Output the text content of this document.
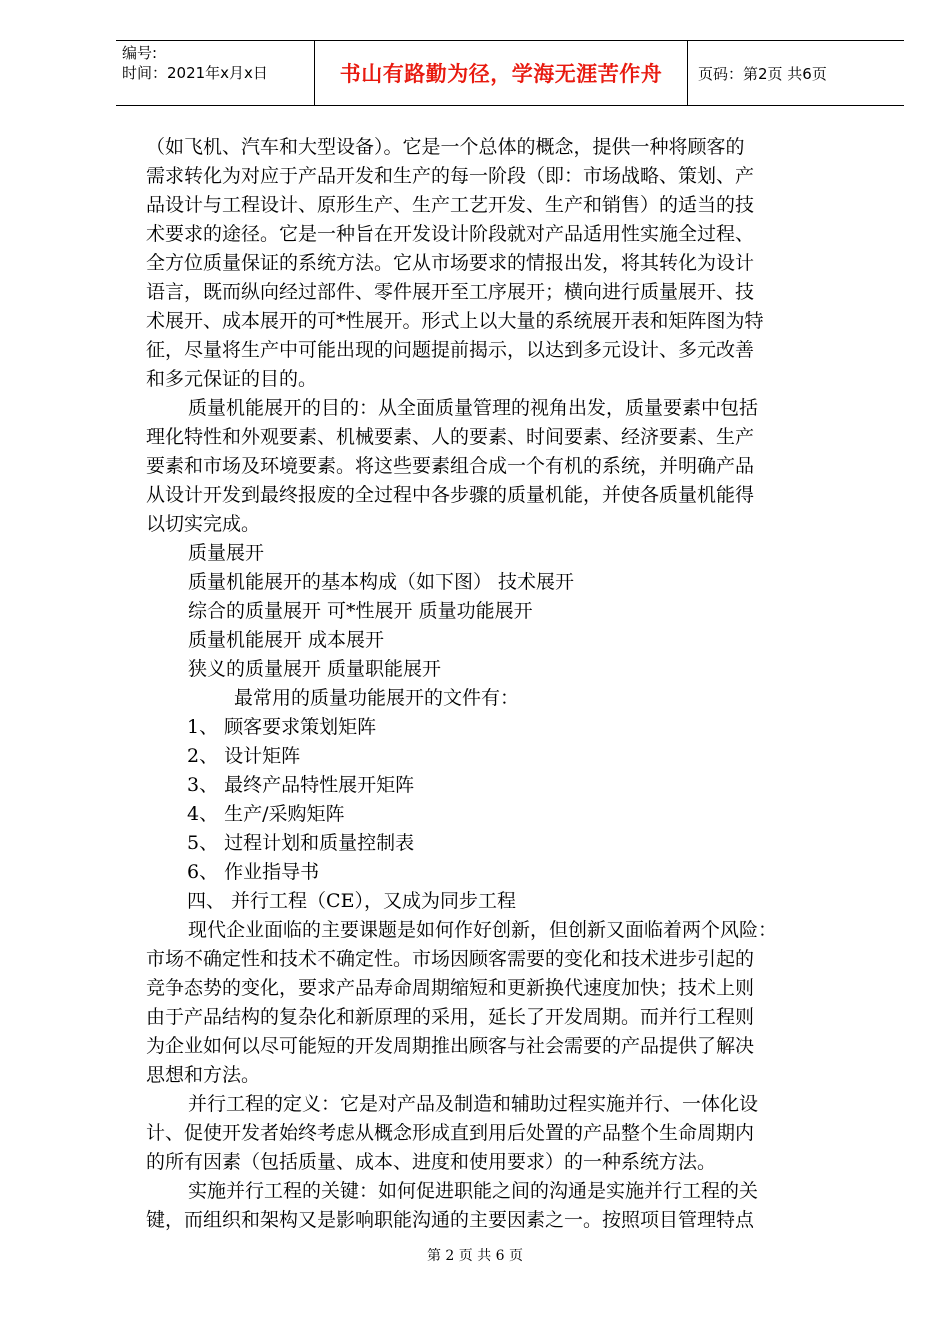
编号:
时间：2021年x月x日	书山有路勤为径，学海无涯苦作舟	页码：第2页 共6页

（如飞机、汽车和大型设备）。它是一个总体的概念，提供一种将顾客的

需求转化为对应于产品开发和生产的每一阶段（即：市场战略、策划、产

品设计与工程设计、原形生产、生产工艺开发、生产和销售）的适当的技

术要求的途径。它是一种旨在开发设计阶段就对产品适用性实施全过程、

全方位质量保证的系统方法。它从市场要求的情报出发，将其转化为设计

语言，既而纵向经过部件、零件展开至工序展开；横向进行质量展开、技

术展开、成本展开的可*性展开。形式上以大量的系统展开表和矩阵图为特

征，尽量将生产中可能出现的问题提前揭示，以达到多元设计、多元改善

和多元保证的目的。

质量机能展开的目的：从全面质量管理的视角出发，质量要素中包括

理化特性和外观要素、机械要素、人的要素、时间要素、经济要素、生产

要素和市场及环境要素。将这些要素组合成一个有机的系统，并明确产品

从设计开发到最终报废的全过程中各步骤的质量机能，并使各质量机能得

以切实完成。

质量展开

质量机能展开的基本构成（如下图） 技术展开

综合的质量展开 可*性展开 质量功能展开

质量机能展开 成本展开

狭义的质量展开 质量职能展开

最常用的质量功能展开的文件有：

1、 顾客要求策划矩阵

2、 设计矩阵

3、 最终产品特性展开矩阵

4、 生产/采购矩阵

5、 过程计划和质量控制表

6、 作业指导书

四、 并行工程（CE），又成为同步工程

现代企业面临的主要课题是如何作好创新，但创新又面临着两个风险：

市场不确定性和技术不确定性。市场因顾客需要的变化和技术进步引起的

竞争态势的变化，要求产品寿命周期缩短和更新换代速度加快；技术上则

由于产品结构的复杂化和新原理的采用，延长了开发周期。而并行工程则

为企业如何以尽可能短的开发周期推出顾客与社会需要的产品提供了解决

思想和方法。

并行工程的定义：它是对产品及制造和辅助过程实施并行、一体化设

计、促使开发者始终考虑从概念形成直到用后处置的产品整个生命周期内

的所有因素（包括质量、成本、进度和使用要求）的一种系统方法。

实施并行工程的关键：如何促进职能之间的沟通是实施并行工程的关

键，而组织和架构又是影响职能沟通的主要因素之一。按照项目管理特点

第 2 页 共 6 页
